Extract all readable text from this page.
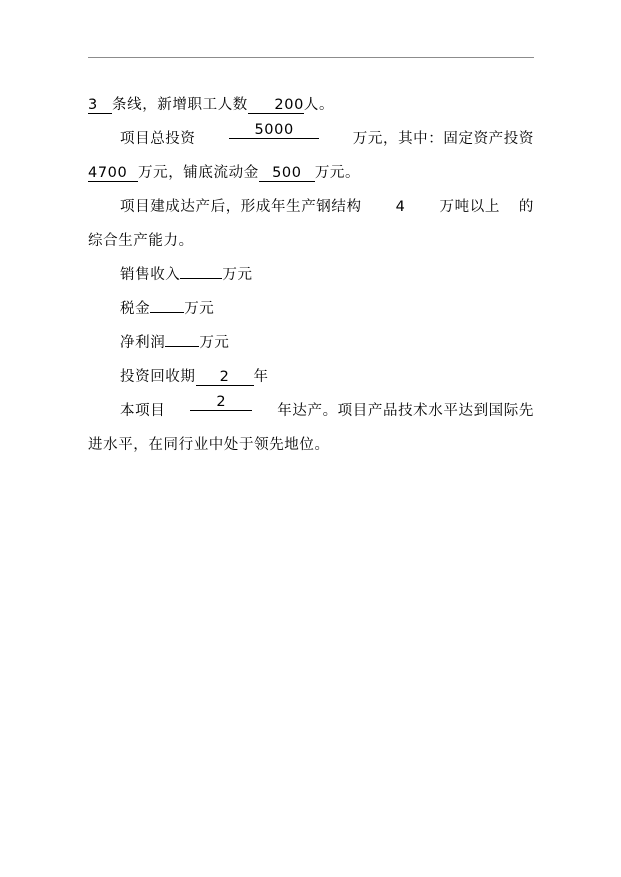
3 条线，新增职工人数 200人。
项目总投资
5000
万元，其中：固定资产投资
4700 万元，铺底流动金 500 万元。
项目建成达产后，形成年生产钢结构	4	万吨以上 的
综合生产能力。
销售收入	万元
税金 万元
净利润 万元
投资回收期 2 年
本项目
2
年达产。项目产品技术水平达到国际先
进水平，在同行业中处于领先地位。
